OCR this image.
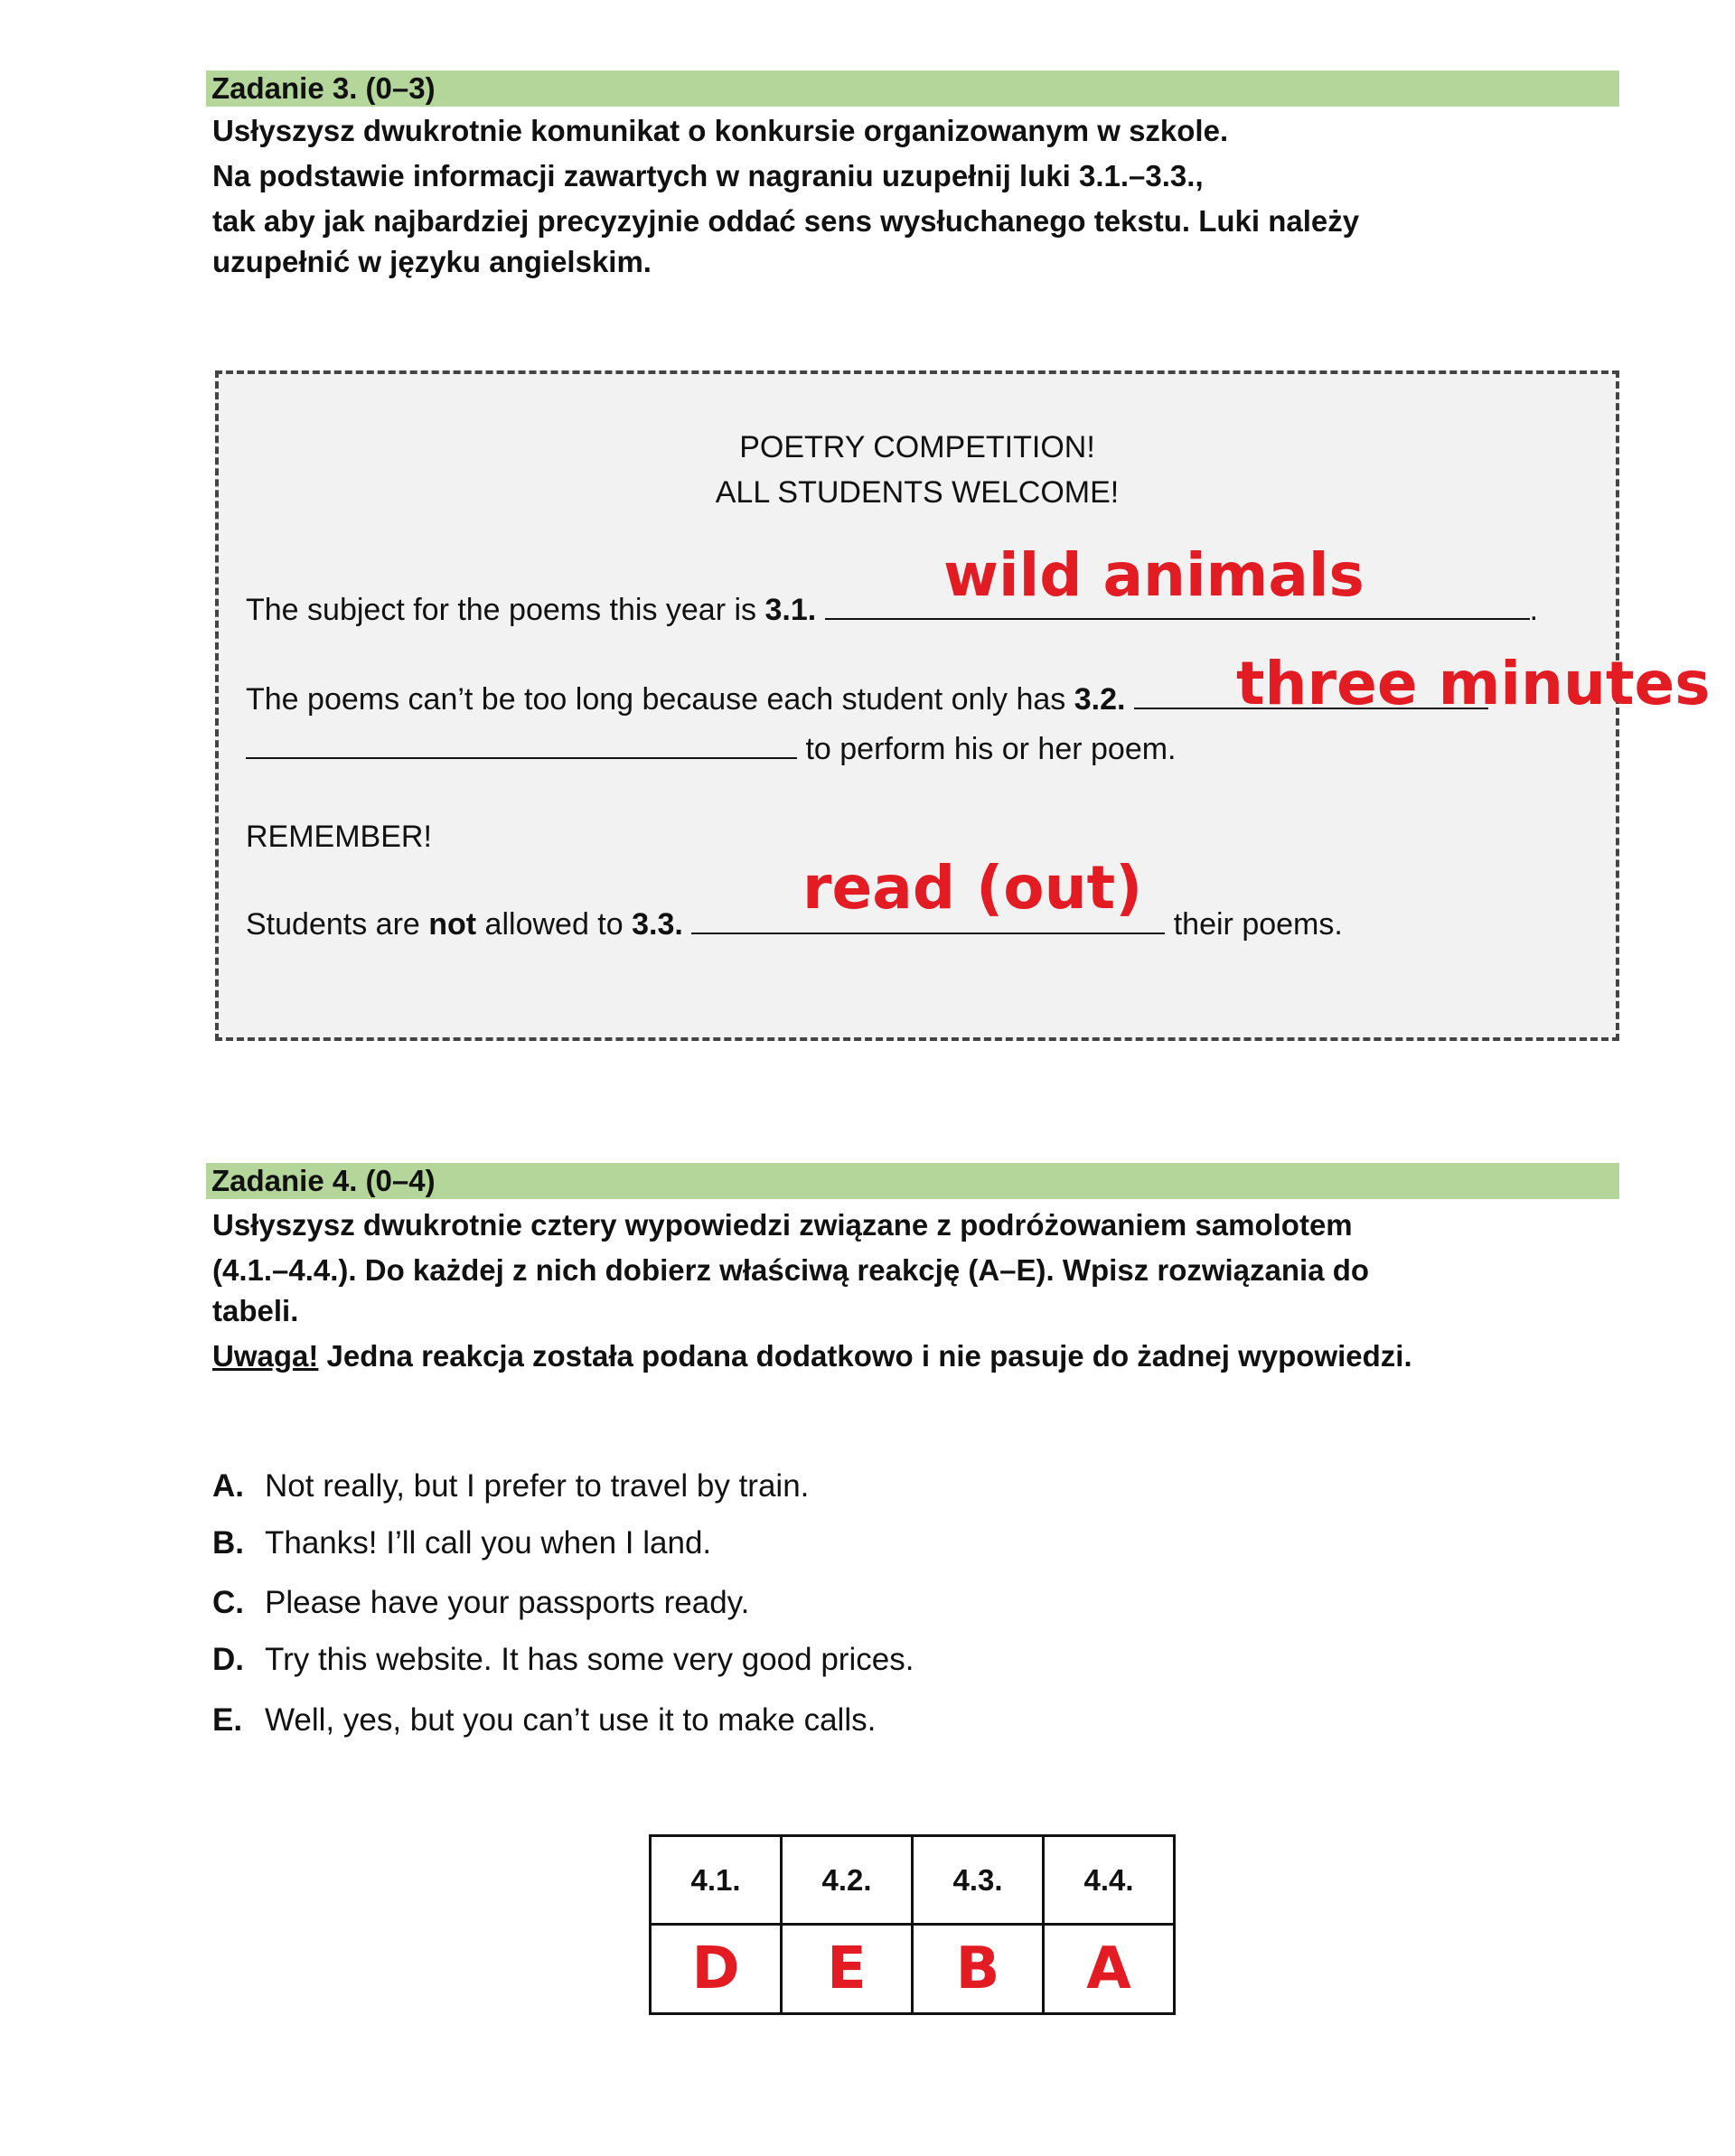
Zadanie 3. (0–3)

Usłyszysz dwukrotnie komunikat o konkursie organizowanym w szkole.

Na podstawie informacji zawartych w nagraniu uzupełnij luki 3.1.–3.3.,

tak aby jak najbardziej precyzyjnie oddać sens wysłuchanego tekstu. Luki należy

uzupełnić w języku angielskim.

POETRY COMPETITION!
ALL STUDENTS WELCOME!
The subject for the poems this year is 3.1.	.
The poems can’t be too long because each student only has 3.2.
to perform his or her poem.
REMEMBER!
Students are not allowed to 3.3.	their poems.
wild animals
three minutes
read (out)
Zadanie 4. (0–4)

Usłyszysz dwukrotnie cztery wypowiedzi związane z podróżowaniem samolotem

(4.1.–4.4.). Do każdej z nich dobierz właściwą reakcję (A–E). Wpisz rozwiązania do

tabeli.

Uwaga! Jedna reakcja została podana dodatkowo i nie pasuje do żadnej wypowiedzi.

A. Not really, but I prefer to travel by train.
B. Thanks! I’ll call you when I land.
C. Please have your passports ready.
D. Try this website. It has some very good prices.
E. Well, yes, but you can’t use it to make calls.
4.1.	4.2.	4.3.	4.4.
D	E	B	A
